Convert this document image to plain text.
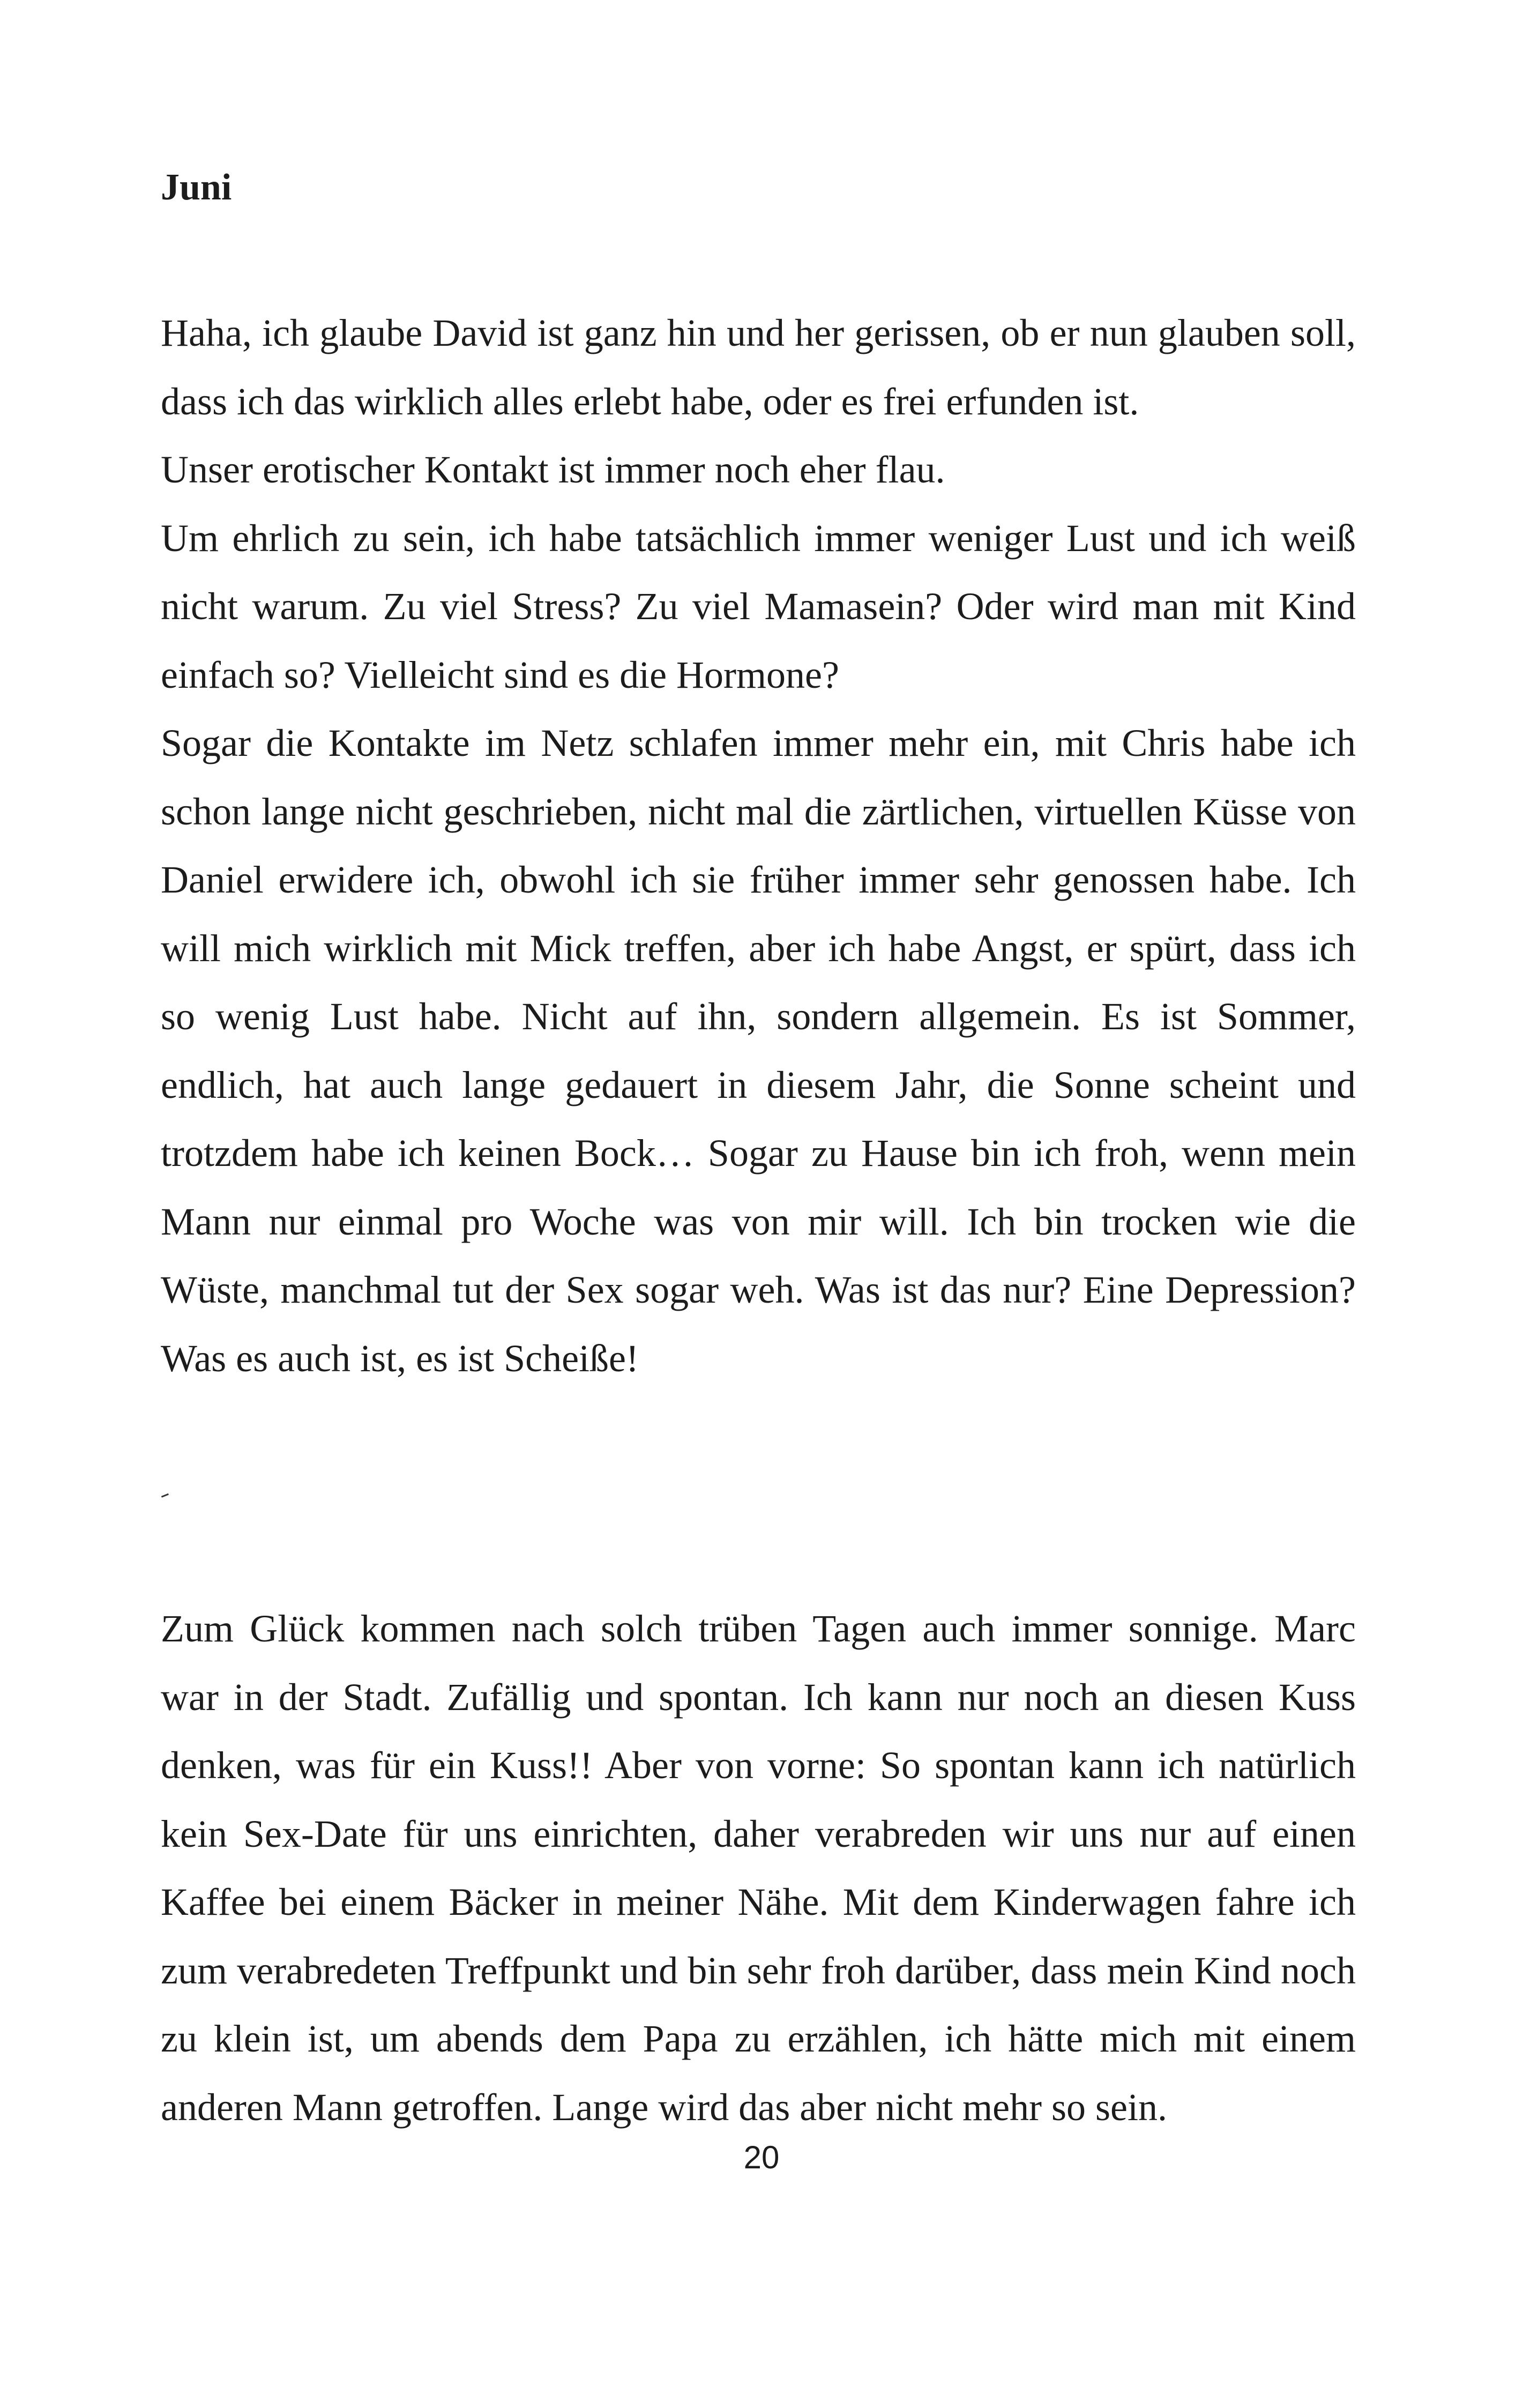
Juni

Haha, ich glaube David ist ganz hin und her gerissen, ob er nun glauben soll, dass ich das wirklich alles erlebt habe, oder es frei erfunden ist.

Unser erotischer Kontakt ist immer noch eher flau.

Um ehrlich zu sein, ich habe tatsächlich immer weniger Lust und ich weiß nicht warum. Zu viel Stress? Zu viel Mamasein? Oder wird man mit Kind einfach so? Vielleicht sind es die Hormone?

Sogar die Kontakte im Netz schlafen immer mehr ein, mit Chris habe ich schon lange nicht geschrieben, nicht mal die zärtlichen, virtuellen Küsse von Daniel erwidere ich, obwohl ich sie früher immer sehr genossen habe. Ich will mich wirklich mit Mick treffen, aber ich habe Angst, er spürt, dass ich so wenig Lust habe. Nicht auf ihn, sondern allgemein. Es ist Sommer, endlich, hat auch lange gedauert in diesem Jahr, die Sonne scheint und trotzdem habe ich keinen Bock… Sogar zu Hause bin ich froh, wenn mein Mann nur einmal pro Woche was von mir will. Ich bin trocken wie die Wüste, manchmal tut der Sex sogar weh. Was ist das nur? Eine Depression? Was es auch ist, es ist Scheiße!

Zum Glück kommen nach solch trüben Tagen auch immer sonnige. Marc war in der Stadt. Zufällig und spontan. Ich kann nur noch an diesen Kuss denken, was für ein Kuss!! Aber von vorne: So spontan kann ich natürlich kein Sex-Date für uns einrichten, daher verabreden wir uns nur auf einen Kaffee bei einem Bäcker in meiner Nähe. Mit dem Kinderwagen fahre ich zum verabredeten Treffpunkt und bin sehr froh darüber, dass mein Kind noch zu klein ist, um abends dem Papa zu erzählen, ich hätte mich mit einem anderen Mann getroffen. Lange wird das aber nicht mehr so sein.

20
